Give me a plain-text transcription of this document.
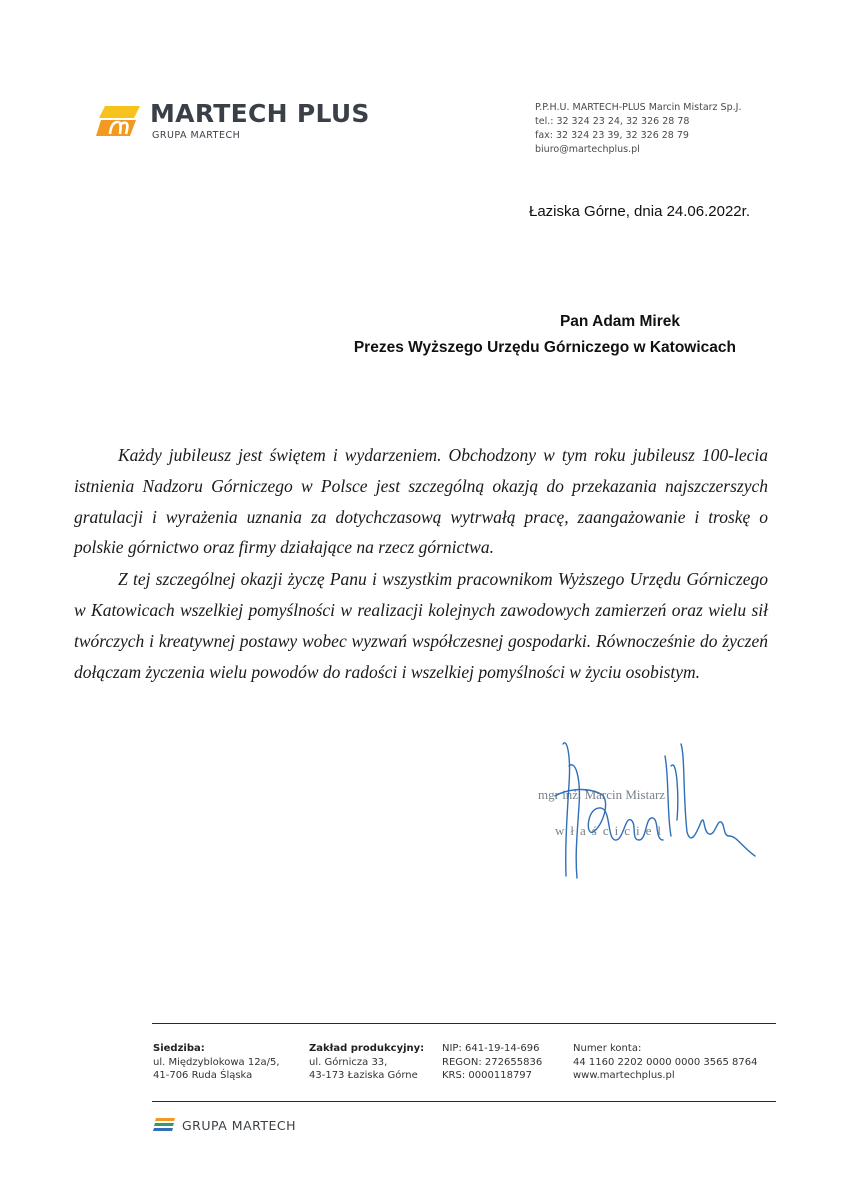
MARTECH PLUS
GRUPA MARTECH
P.P.H.U. MARTECH-PLUS Marcin Mistarz Sp.J.
tel.: 32 324 23 24, 32 326 28 78
fax: 32 324 23 39, 32 326 28 79
biuro@martechplus.pl
Łaziska Górne, dnia 24.06.2022r.
Pan Adam Mirek
Prezes Wyższego Urzędu Górniczego w Katowicach

Każdy jubileusz jest świętem i wydarzeniem. Obchodzony w tym roku jubileusz 100-lecia istnienia Nadzoru Górniczego w Polsce jest szczególną okazją do przekazania najszczerszych gratulacji i wyrażenia uznania za dotychczasową wytrwałą pracę, zaangażowanie i troskę o polskie górnictwo oraz firmy działające na rzecz górnictwa.

Z tej szczególnej okazji życzę Panu i wszystkim pracownikom Wyższego Urzędu Górniczego w Katowicach wszelkiej pomyślności w realizacji kolejnych zawodowych zamierzeń oraz wielu sił twórczych i kreatywnej postawy wobec wyzwań współczesnej gospodarki. Równocześnie do życzeń dołączam życzenia wielu powodów do radości i wszelkiej pomyślności w życiu osobistym.

mgr inż. Marcin Mistarz
właściciel
Siedziba:
ul. Międzyblokowa 12a/5,
41-706 Ruda Śląska
Zakład produkcyjny:
ul. Górnicza 33,
43-173 Łaziska Górne
NIP: 641-19-14-696
REGON: 272655836
KRS: 0000118797
Numer konta:
44 1160 2202 0000 0000 3565 8764
www.martechplus.pl
GRUPA MARTECH
